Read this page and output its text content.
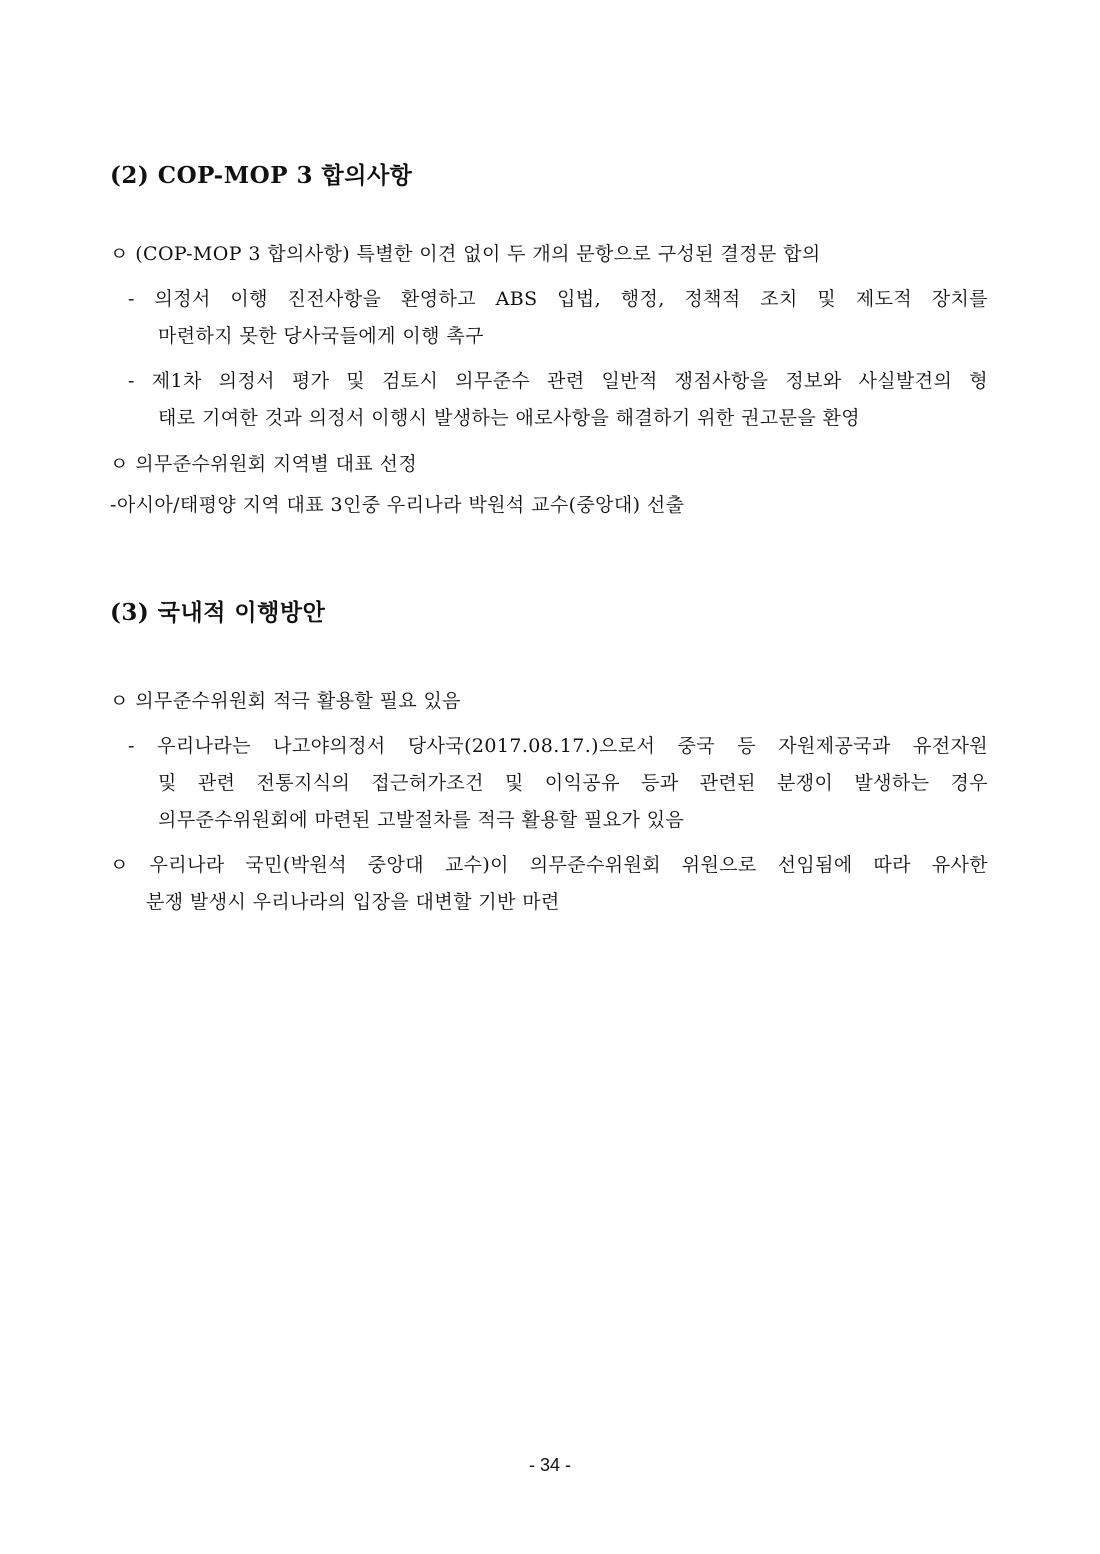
(2) COP-MOP 3 합의사항
ㅇ (COP-MOP 3 합의사항) 특별한 이견 없이 두 개의 문항으로 구성된 결정문 합의
- 의정서 이행 진전사항을 환영하고 ABS 입법, 행정, 정책적 조치 및 제도적 장치를
마련하지 못한 당사국들에게 이행 촉구
- 제1차 의정서 평가 및 검토시 의무준수 관련 일반적 쟁점사항을 정보와 사실발견의 형
태로 기여한 것과 의정서 이행시 발생하는 애로사항을 해결하기 위한 권고문을 환영
ㅇ 의무준수위원회 지역별 대표 선정
-아시아/태평양 지역 대표 3인중 우리나라 박원석 교수(중앙대) 선출
(3) 국내적 이행방안
ㅇ 의무준수위원회 적극 활용할 필요 있음
- 우리나라는 나고야의정서 당사국(2017.08.17.)으로서 중국 등 자원제공국과 유전자원
및 관련 전통지식의 접근허가조건 및 이익공유 등과 관련된 분쟁이 발생하는 경우
의무준수위원회에 마련된 고발절차를 적극 활용할 필요가 있음
ㅇ 우리나라 국민(박원석 중앙대 교수)이 의무준수위원회 위원으로 선임됨에 따라 유사한
분쟁 발생시 우리나라의 입장을 대변할 기반 마련
- 34 -
